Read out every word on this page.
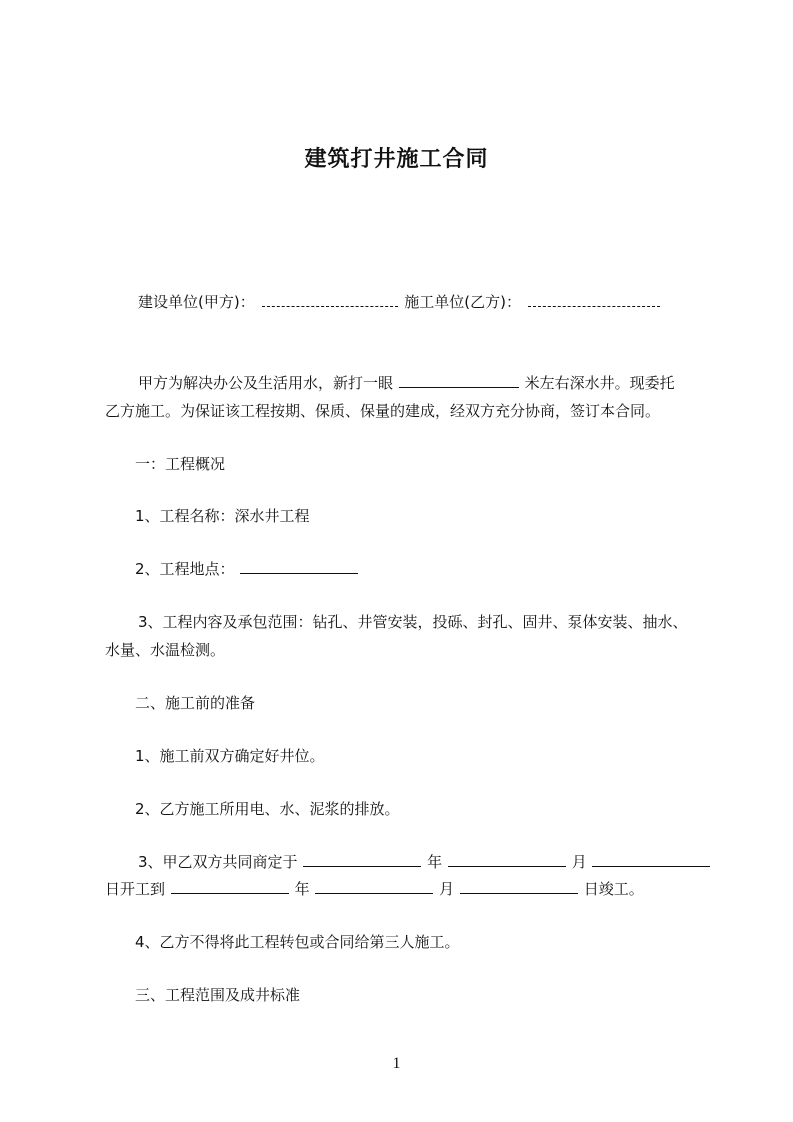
建筑打井施工合同
建设单位(甲方)：	施工单位(乙方)：
甲方为解决办公及生活用水，新打一眼	米左右深水井。现委托
乙方施工。为保证该工程按期、保质、保量的建成，经双方充分协商，签订本合同。
一：工程概况
1、工程名称：深水井工程
2、工程地点：
3、工程内容及承包范围：钻孔、井管安装，投砾、封孔、固井、泵体安装、抽水、
水量、水温检测。
二、施工前的准备
1、施工前双方确定好井位。
2、乙方施工所用电、水、泥浆的排放。
3、甲乙双方共同商定于	年	月
日开工到	年	月	日竣工。
4、乙方不得将此工程转包或合同给第三人施工。
三、工程范围及成井标准
1
